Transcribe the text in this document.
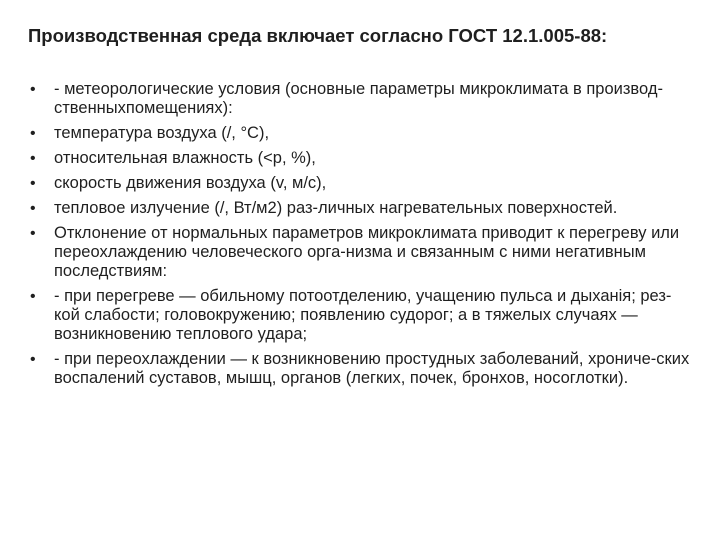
Производственная среда включает согласно ГОСТ 12.1.005-88:
•	- метеорологические условия (основные параметры микроклимата в производ-ственныхпомещениях):
•	температура воздуха (/, °С),
•	относительная влажность (<р, %),
•	скорость движения воздуха (v, м/с),
•	тепловое излучение (/, Вт/м2) раз-личных нагревательных поверхностей.
•	Отклонение от нормальных параметров микроклимата приводит к перегреву или переохлаждению человеческого орга-низма и связанным с ними негативным последствиям:
•	- при перегреве — обильному потоотделению, учащению пульса и дыханія; рез-кой слабости; головокружению; появлению судорог; а в тяжелых случаях — возникновению теплового удара;
•	- при переохлаждении — к возникновению простудных заболеваний, хрониче-ских воспалений суставов, мышц, органов (легких, почек, бронхов, носоглотки).
